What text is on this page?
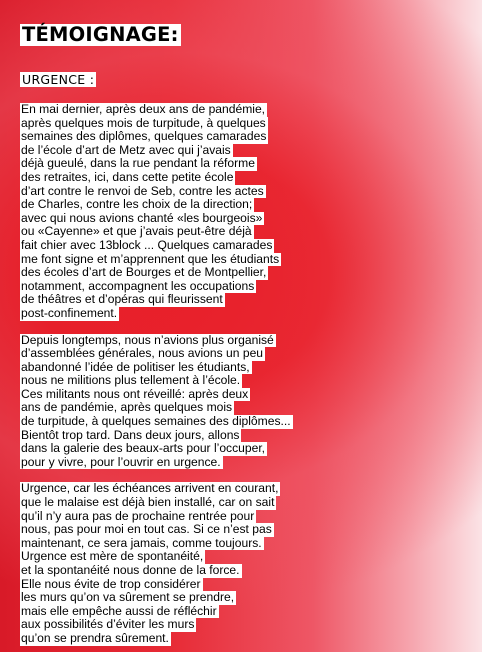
TÉMOIGNAGE:
URGENCE :
En mai dernier, après deux ans de pandémie,
après quelques mois de turpitude, à quelques
semaines des diplômes, quelques camarades
de l’école d’art de Metz avec qui j’avais
déjà gueulé, dans la rue pendant la réforme
des retraites, ici, dans cette petite école
d’art contre le renvoi de Seb, contre les actes
de Charles, contre les choix de la direction;
avec qui nous avions chanté «les bourgeois»
ou «Cayenne» et que j’avais peut-être déjà
fait chier avec 13block ... Quelques camarades
me font signe et m’apprennent que les étudiants
des écoles d’art de Bourges et de Montpellier,
notamment, accompagnent les occupations
de théâtres et d’opéras qui fleurissent
post-confinement.
Depuis longtemps, nous n’avions plus organisé
d’assemblées générales, nous avions un peu
abandonné l’idée de politiser les étudiants,
nous ne militions plus tellement à l’école.
Ces militants nous ont réveillé: après deux
ans de pandémie, après quelques mois
de turpitude, à quelques semaines des diplômes...
Bientôt trop tard. Dans deux jours, allons
dans la galerie des beaux-arts pour l’occuper,
pour y vivre, pour l’ouvrir en urgence.
Urgence, car les échéances arrivent en courant,
que le malaise est déjà bien installé, car on sait
qu’il n’y aura pas de prochaine rentrée pour
nous, pas pour moi en tout cas. Si ce n’est pas
maintenant, ce sera jamais, comme toujours.
Urgence est mère de spontanéité,
et la spontanéité nous donne de la force.
Elle nous évite de trop considérer
les murs qu’on va sûrement se prendre,
mais elle empêche aussi de réfléchir
aux possibilités d’éviter les murs
qu’on se prendra sûrement.
